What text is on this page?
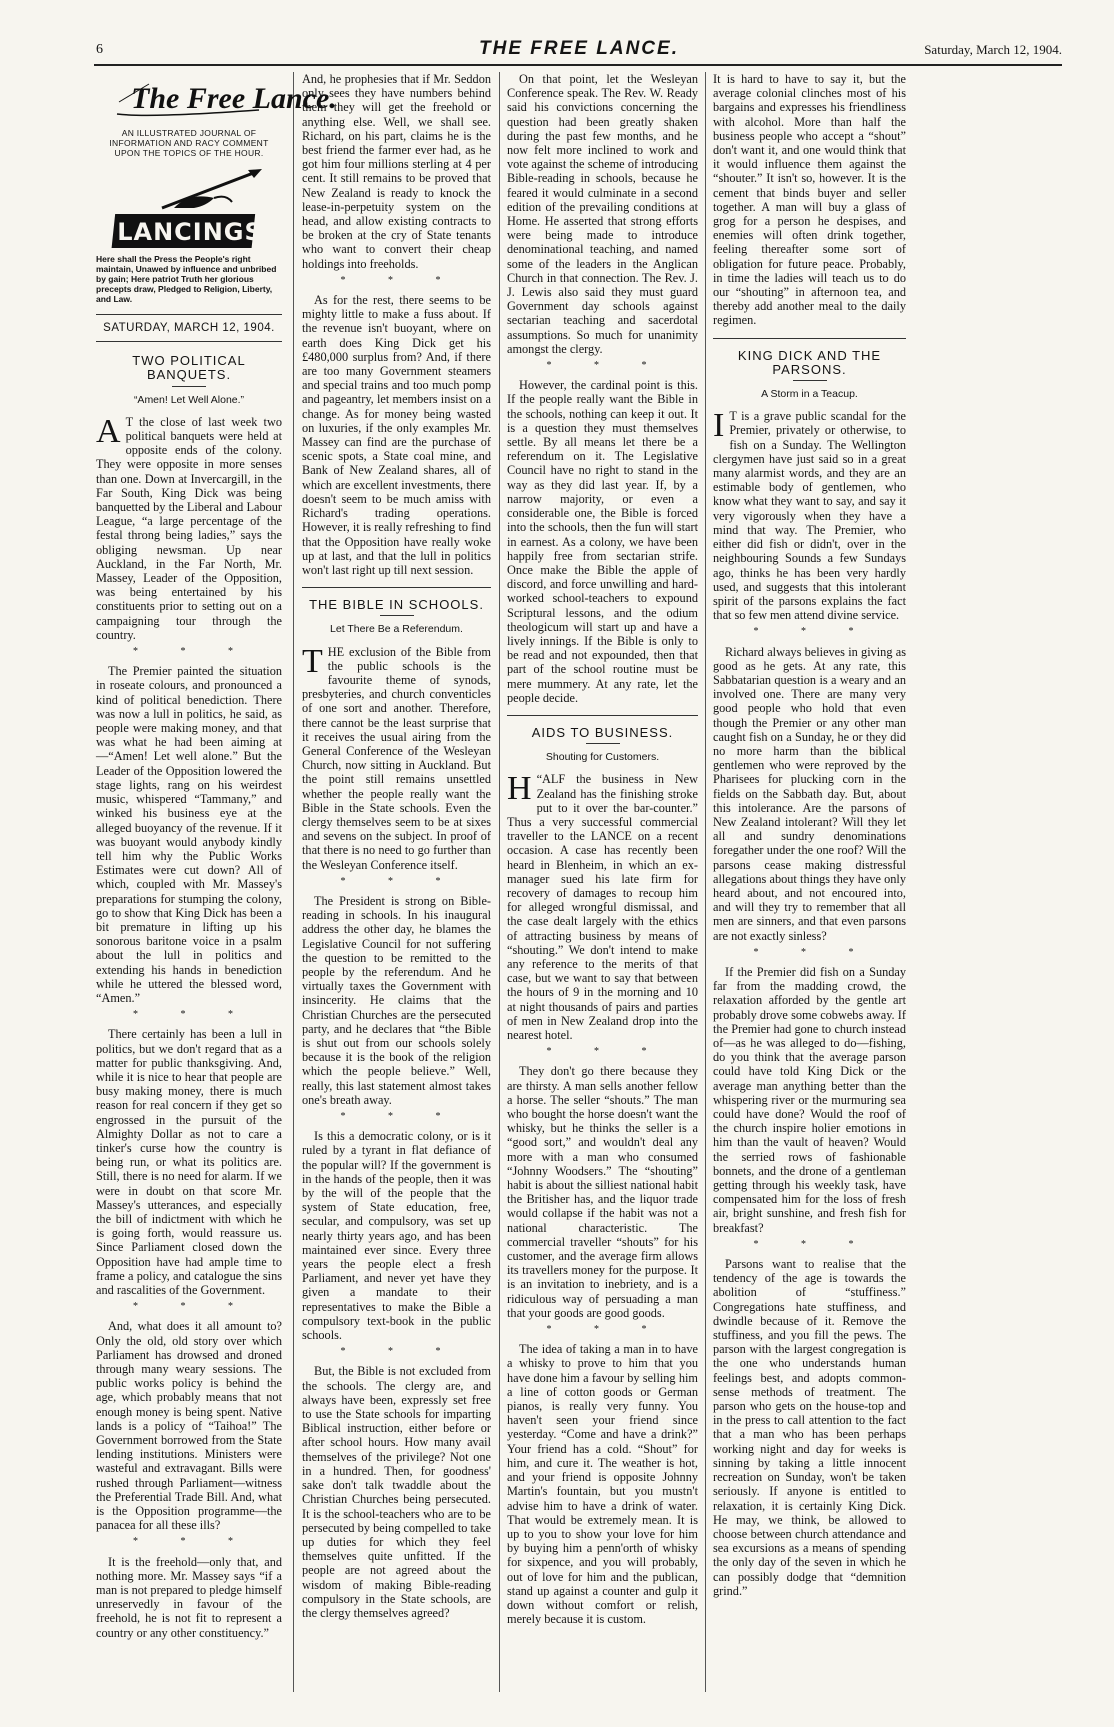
6	THE FREE LANCE.	Saturday, March 12, 1904.
The Free Lance.
AN ILLUSTRATED JOURNAL OF INFORMATION AND RACY COMMENT UPON THE TOPICS OF THE HOUR.
LANCINGS
Here shall the Press the People's right maintain, Unawed by influence and unbribed by gain; Here patriot Truth her glorious precepts draw, Pledged to Religion, Liberty, and Law.
SATURDAY, MARCH 12, 1904.
TWO POLITICAL BANQUETS.
“Amen! Let Well Alone.”

A T the close of last week two political banquets were held at opposite ends of the colony. They were opposite in more senses than one. Down at Invercargill, in the Far South, King Dick was being banquetted by the Liberal and Labour League, “a large percentage of the festal throng being ladies,” says the obliging newsman. Up near Auckland, in the Far North, Mr. Massey, Leader of the Opposition, was being entertained by his constituents prior to setting out on a campaigning tour through the country.

* * *

The Premier painted the situation in roseate colours, and pronounced a kind of political benediction. There was now a lull in politics, he said, as people were making money, and that was what he had been aiming at—“Amen! Let well alone.” But the Leader of the Opposition lowered the stage lights, rang on his weirdest music, whispered “Tammany,” and winked his business eye at the alleged buoyancy of the revenue. If it was buoyant would anybody kindly tell him why the Public Works Estimates were cut down? All of which, coupled with Mr. Massey's preparations for stumping the colony, go to show that King Dick has been a bit premature in lifting up his sonorous baritone voice in a psalm about the lull in politics and extending his hands in benediction while he uttered the blessed word, “Amen.”

* * *

There certainly has been a lull in politics, but we don't regard that as a matter for public thanksgiving. And, while it is nice to hear that people are busy making money, there is much reason for real concern if they get so engrossed in the pursuit of the Almighty Dollar as not to care a tinker's curse how the country is being run, or what its politics are. Still, there is no need for alarm. If we were in doubt on that score Mr. Massey's utterances, and especially the bill of indictment with which he is going forth, would reassure us. Since Parliament closed down the Opposition have had ample time to frame a policy, and catalogue the sins and rascalities of the Government.

* * *

And, what does it all amount to? Only the old, old story over which Parliament has drowsed and droned through many weary sessions. The public works policy is behind the age, which probably means that not enough money is being spent. Native lands is a policy of “Taihoa!” The Government borrowed from the State lending institutions. Ministers were wasteful and extravagant. Bills were rushed through Parliament—witness the Preferential Trade Bill. And, what is the Opposition programme—the panacea for all these ills?

* * *

It is the freehold—only that, and nothing more. Mr. Massey says “if a man is not prepared to pledge himself unreservedly in favour of the freehold, he is not fit to represent a country or any other constituency.”

And, he prophesies that if Mr. Seddon only sees they have numbers behind them they will get the freehold or anything else. Well, we shall see. Richard, on his part, claims he is the best friend the farmer ever had, as he got him four millions sterling at 4 per cent. It still remains to be proved that New Zealand is ready to knock the lease-in-perpetuity system on the head, and allow existing contracts to be broken at the cry of State tenants who want to convert their cheap holdings into freeholds.

* * *

As for the rest, there seems to be mighty little to make a fuss about. If the revenue isn't buoyant, where on earth does King Dick get his £480,000 surplus from? And, if there are too many Government steamers and special trains and too much pomp and pageantry, let members insist on a change. As for money being wasted on luxuries, if the only examples Mr. Massey can find are the purchase of scenic spots, a State coal mine, and Bank of New Zealand shares, all of which are excellent investments, there doesn't seem to be much amiss with Richard's trading operations. However, it is really refreshing to find that the Opposition have really woke up at last, and that the lull in politics won't last right up till next session.

THE BIBLE IN SCHOOLS.
Let There Be a Referendum.

THE exclusion of the Bible from the public schools is the favourite theme of synods, presbyteries, and church conventicles of one sort and another. Therefore, there cannot be the least surprise that it receives the usual airing from the General Conference of the Wesleyan Church, now sitting in Auckland. But the point still remains unsettled whether the people really want the Bible in the State schools. Even the clergy themselves seem to be at sixes and sevens on the subject. In proof of that there is no need to go further than the Wesleyan Conference itself.

* * *

The President is strong on Bible-reading in schools. In his inaugural address the other day, he blames the Legislative Council for not suffering the question to be remitted to the people by the referendum. And he virtually taxes the Government with insincerity. He claims that the Christian Churches are the persecuted party, and he declares that “the Bible is shut out from our schools solely because it is the book of the religion which the people believe.” Well, really, this last statement almost takes one's breath away.

* * *

Is this a democratic colony, or is it ruled by a tyrant in flat defiance of the popular will? If the government is in the hands of the people, then it was by the will of the people that the system of State education, free, secular, and compulsory, was set up nearly thirty years ago, and has been maintained ever since. Every three years the people elect a fresh Parliament, and never yet have they given a mandate to their representatives to make the Bible a compulsory text-book in the public schools.

* * *

But, the Bible is not excluded from the schools. The clergy are, and always have been, expressly set free to use the State schools for imparting Biblical instruction, either before or after school hours. How many avail themselves of the privilege? Not one in a hundred. Then, for goodness' sake don't talk twaddle about the Christian Churches being persecuted. It is the school-teachers who are to be persecuted by being compelled to take up duties for which they feel themselves quite unfitted. If the people are not agreed about the wisdom of making Bible-reading compulsory in the State schools, are the clergy themselves agreed?

On that point, let the Wesleyan Conference speak. The Rev. W. Ready said his convictions concerning the question had been greatly shaken during the past few months, and he now felt more inclined to work and vote against the scheme of introducing Bible-reading in schools, because he feared it would culminate in a second edition of the prevailing conditions at Home. He asserted that strong efforts were being made to introduce denominational teaching, and named some of the leaders in the Anglican Church in that connection. The Rev. J. J. Lewis also said they must guard Government day schools against sectarian teaching and sacerdotal assumptions. So much for unanimity amongst the clergy.

* * *

However, the cardinal point is this. If the people really want the Bible in the schools, nothing can keep it out. It is a question they must themselves settle. By all means let there be a referendum on it. The Legislative Council have no right to stand in the way as they did last year. If, by a narrow majority, or even a considerable one, the Bible is forced into the schools, then the fun will start in earnest. As a colony, we have been happily free from sectarian strife. Once make the Bible the apple of discord, and force unwilling and hard-worked school-teachers to expound Scriptural lessons, and the odium theologicum will start up and have a lively innings. If the Bible is only to be read and not expounded, then that part of the school routine must be mere mummery. At any rate, let the people decide.

AIDS TO BUSINESS.
Shouting for Customers.

H “ALF the business in New Zealand has the finishing stroke put to it over the bar-counter.” Thus a very successful commercial traveller to the LANCE on a recent occasion. A case has recently been heard in Blenheim, in which an ex-manager sued his late firm for recovery of damages to recoup him for alleged wrongful dismissal, and the case dealt largely with the ethics of attracting business by means of “shouting.” We don't intend to make any reference to the merits of that case, but we want to say that between the hours of 9 in the morning and 10 at night thousands of pairs and parties of men in New Zealand drop into the nearest hotel.

* * *

They don't go there because they are thirsty. A man sells another fellow a horse. The seller “shouts.” The man who bought the horse doesn't want the whisky, but he thinks the seller is a “good sort,” and wouldn't deal any more with a man who consumed “Johnny Woodsers.” The “shouting” habit is about the silliest national habit the Britisher has, and the liquor trade would collapse if the habit was not a national characteristic. The commercial traveller “shouts” for his customer, and the average firm allows its travellers money for the purpose. It is an invitation to inebriety, and is a ridiculous way of persuading a man that your goods are good goods.

* * *

The idea of taking a man in to have a whisky to prove to him that you have done him a favour by selling him a line of cotton goods or German pianos, is really very funny. You haven't seen your friend since yesterday. “Come and have a drink?” Your friend has a cold. “Shout” for him, and cure it. The weather is hot, and your friend is opposite Johnny Martin's fountain, but you mustn't advise him to have a drink of water. That would be extremely mean. It is up to you to show your love for him by buying him a penn'orth of whisky for sixpence, and you will probably, out of love for him and the publican, stand up against a counter and gulp it down without comfort or relish, merely because it is custom.

It is hard to have to say it, but the average colonial clinches most of his bargains and expresses his friendliness with alcohol. More than half the business people who accept a “shout” don't want it, and one would think that it would influence them against the “shouter.” It isn't so, however. It is the cement that binds buyer and seller together. A man will buy a glass of grog for a person he despises, and enemies will often drink together, feeling thereafter some sort of obligation for future peace. Probably, in time the ladies will teach us to do our “shouting” in afternoon tea, and thereby add another meal to the daily regimen.

KING DICK AND THE PARSONS.
A Storm in a Teacup.

I T is a grave public scandal for the Premier, privately or otherwise, to fish on a Sunday. The Wellington clergymen have just said so in a great many alarmist words, and they are an estimable body of gentlemen, who know what they want to say, and say it very vigorously when they have a mind that way. The Premier, who either did fish or didn't, over in the neighbouring Sounds a few Sundays ago, thinks he has been very hardly used, and suggests that this intolerant spirit of the parsons explains the fact that so few men attend divine service.

* * *

Richard always believes in giving as good as he gets. At any rate, this Sabbatarian question is a weary and an involved one. There are many very good people who hold that even though the Premier or any other man caught fish on a Sunday, he or they did no more harm than the biblical gentlemen who were reproved by the Pharisees for plucking corn in the fields on the Sabbath day. But, about this intolerance. Are the parsons of New Zealand intolerant? Will they let all and sundry denominations foregather under the one roof? Will the parsons cease making distressful allegations about things they have only heard about, and not encoured into, and will they try to remember that all men are sinners, and that even parsons are not exactly sinless?

* * *

If the Premier did fish on a Sunday far from the madding crowd, the relaxation afforded by the gentle art probably drove some cobwebs away. If the Premier had gone to church instead of—as he was alleged to do—fishing, do you think that the average parson could have told King Dick or the average man anything better than the whispering river or the murmuring sea could have done? Would the roof of the church inspire holier emotions in him than the vault of heaven? Would the serried rows of fashionable bonnets, and the drone of a gentleman getting through his weekly task, have compensated him for the loss of fresh air, bright sunshine, and fresh fish for breakfast?

* * *

Parsons want to realise that the tendency of the age is towards the abolition of “stuffiness.” Congregations hate stuffiness, and dwindle because of it. Remove the stuffiness, and you fill the pews. The parson with the largest congregation is the one who understands human feelings best, and adopts common-sense methods of treatment. The parson who gets on the house-top and in the press to call attention to the fact that a man who has been perhaps working night and day for weeks is sinning by taking a little innocent recreation on Sunday, won't be taken seriously. If anyone is entitled to relaxation, it is certainly King Dick. He may, we think, be allowed to choose between church attendance and sea excursions as a means of spending the only day of the seven in which he can possibly dodge that “demnition grind.”
